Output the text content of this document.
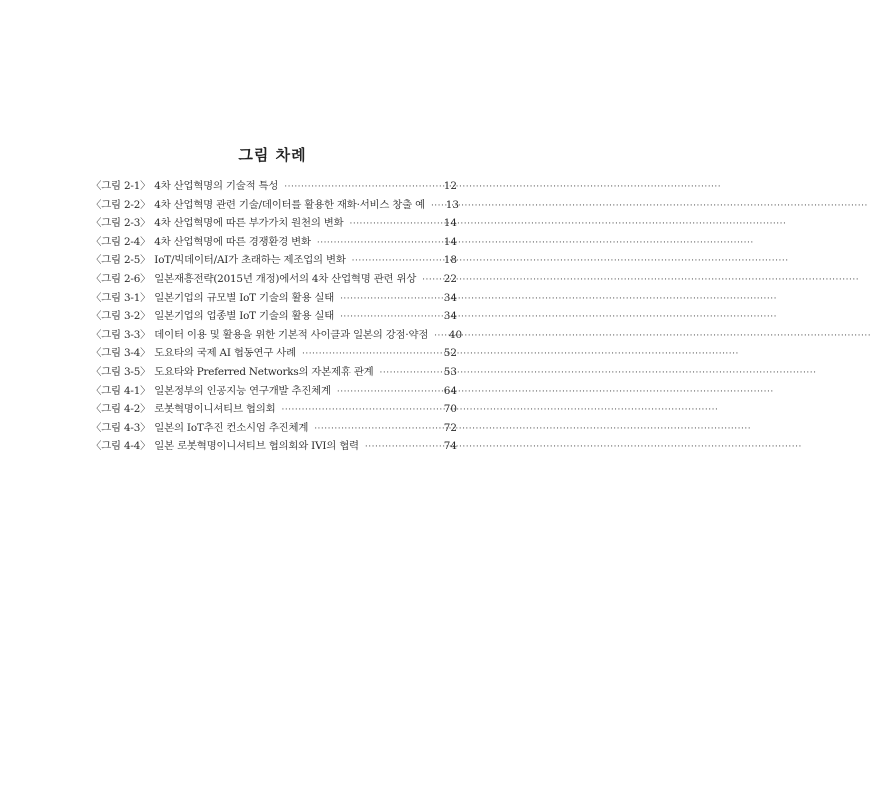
그림 차례
〈그림 2-1〉 4차 산업혁명의 기술적 특성 ·····	12
〈그림 2-2〉 4차 산업혁명 관련 기술/데이터를 활용한 재화·서비스 창출 예 ····· 13
〈그림 2-3〉 4차 산업혁명에 따른 부가가치 원천의 변화 ·····	14
〈그림 2-4〉 4차 산업혁명에 따른 경쟁환경 변화 ·····	14
〈그림 2-5〉 IoT/빅데이터/AI가 초래하는 제조업의 변화 ·····	18
〈그림 2-6〉 일본재흥전략(2015년 개정)에서의 4차 산업혁명 관련 위상 ·····	22
〈그림 3-1〉 일본기업의 규모별 IoT 기술의 활용 실태 ·····	34
〈그림 3-2〉 일본기업의 업종별 IoT 기술의 활용 실태 ·····	34
〈그림 3-3〉 데이터 이용 및 활용을 위한 기본적 사이클과 일본의 강점·약점 ····· 40
〈그림 3-4〉 도요타의 국제 AI 협동연구 사례 ·····	52
〈그림 3-5〉 도요타와 Preferred Networks의 자본제휴 관계 ·····	53
〈그림 4-1〉 일본정부의 인공지능 연구개발 추진체계 ·····	64
〈그림 4-2〉 로봇혁명이니셔티브 협의회 ·····	70
〈그림 4-3〉 일본의 IoT추진 컨소시엄 추진체계 ·····	72
〈그림 4-4〉 일본 로봇혁명이니셔티브 협의회와 IVI의 협력 ·····	74
